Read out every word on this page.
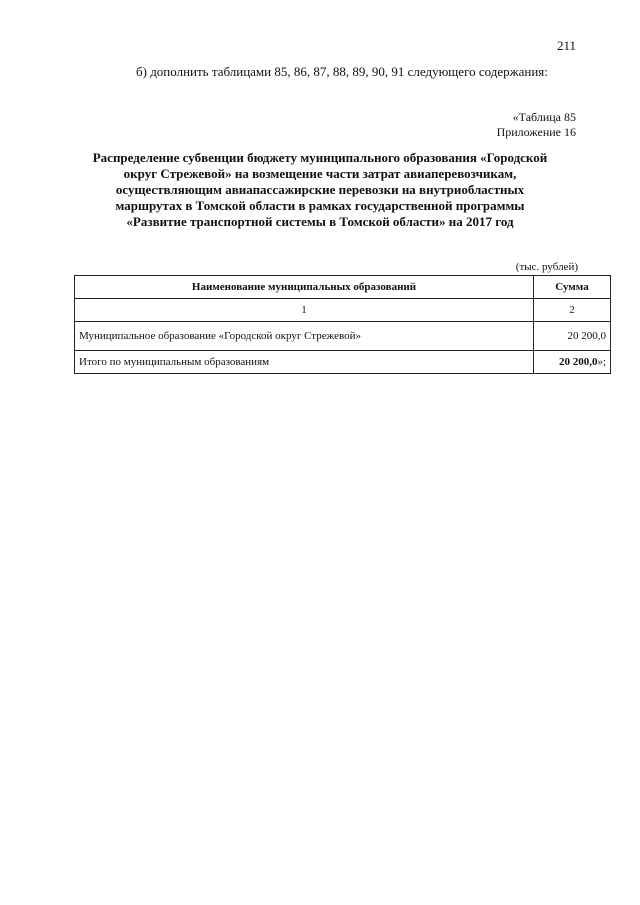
211
б) дополнить таблицами 85, 86, 87, 88, 89, 90, 91 следующего содержания:
«Таблица 85
Приложение 16
Распределение субвенции бюджету муниципального образования «Городской
округ Стрежевой» на возмещение части затрат авиаперевозчикам,
осуществляющим авиапассажирские перевозки на внутриобластных
маршрутах в Томской области в рамках государственной программы
«Развитие транспортной системы в Томской области» на 2017 год
(тыс. рублей)
Наименование муниципальных образований	Сумма
1	2
Муниципальное образование «Городской округ Стрежевой»	20 200,0
Итого по муниципальным образованиям	20 200,0»;
